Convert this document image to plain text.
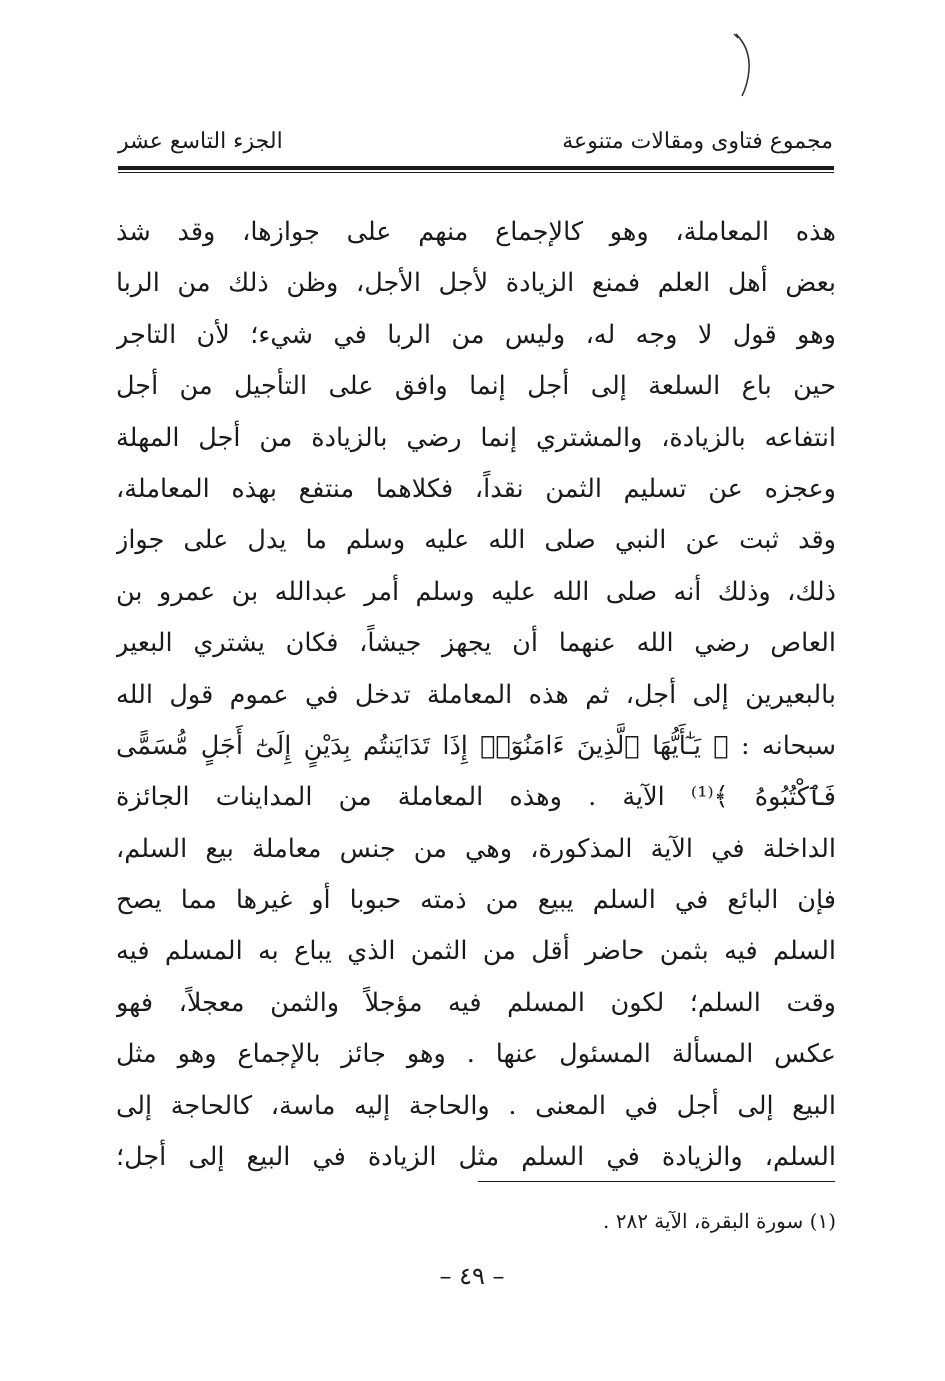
مجموع فتاوى ومقالات متنوعة
الجزء التاسع عشر
هذه المعاملة، وهو كالإجماع منهم على جوازها، وقد شذ
بعض أهل العلم فمنع الزيادة لأجل الأجل، وظن ذلك من الربا
وهو قول لا وجه له، وليس من الربا في شيء؛ لأن التاجر
حين باع السلعة إلى أجل إنما وافق على التأجيل من أجل
انتفاعه بالزيادة، والمشتري إنما رضي بالزيادة من أجل المهلة
وعجزه عن تسليم الثمن نقداً، فكلاهما منتفع بهذه المعاملة،
وقد ثبت عن النبي صلى الله عليه وسلم ما يدل على جواز
ذلك، وذلك أنه صلى الله عليه وسلم أمر عبدالله بن عمرو بن
العاص رضي الله عنهما أن يجهز جيشاً، فكان يشتري البعير
بالبعيرين إلى أجل، ثم هذه المعاملة تدخل في عموم قول الله
سبحانه : ﴿ يَـٰٓأَيُّهَا ٱلَّذِينَ ءَامَنُوٓا۟ إِذَا تَدَايَنتُم بِدَيْنٍ إِلَىٰٓ أَجَلٍ مُّسَمًّى
فَٱكْتُبُوهُ ﴾⁽¹⁾ الآية . وهذه المعاملة من المداينات الجائزة
الداخلة في الآية المذكورة، وهي من جنس معاملة بيع السلم،
فإن البائع في السلم يبيع من ذمته حبوبا أو غيرها مما يصح
السلم فيه بثمن حاضر أقل من الثمن الذي يباع به المسلم فيه
وقت السلم؛ لكون المسلم فيه مؤجلاً والثمن معجلاً، فهو
عكس المسألة المسئول عنها . وهو جائز بالإجماع وهو مثل
البيع إلى أجل في المعنى . والحاجة إليه ماسة، كالحاجة إلى
السلم، والزيادة في السلم مثل الزيادة في البيع إلى أجل؛
(١) سورة البقرة، الآية ٢٨٢ .
– ٤٩ –
